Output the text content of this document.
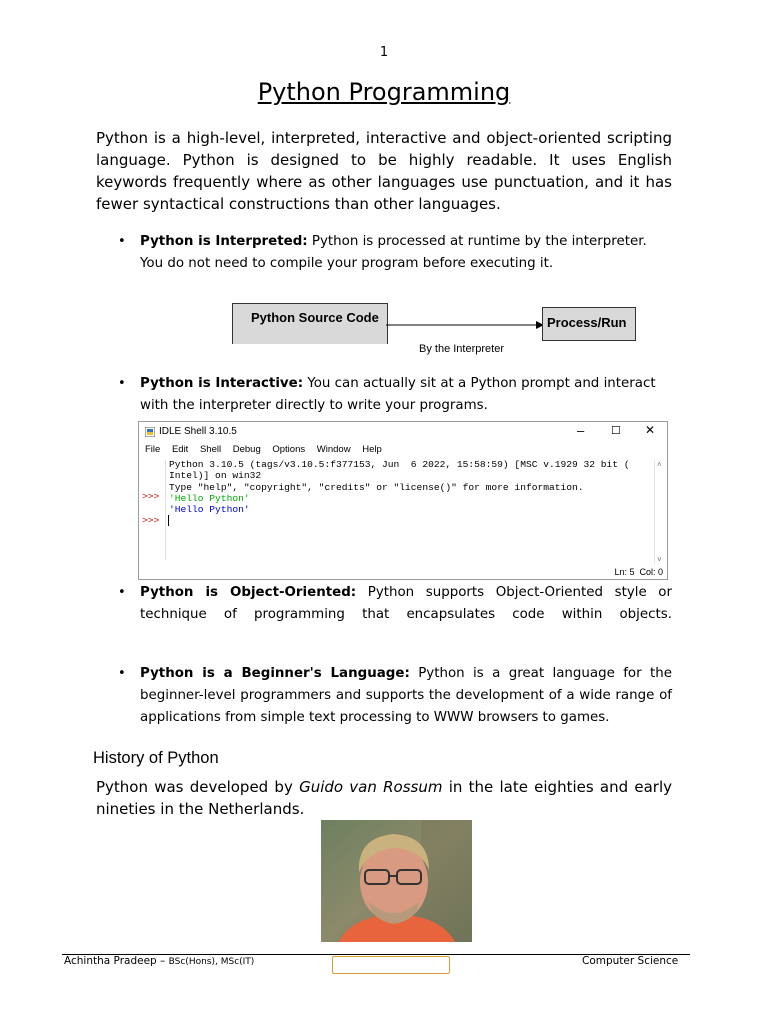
1
Python Programming

Python is a high-level, interpreted, interactive and object-oriented scripting language. Python is designed to be highly readable. It uses English keywords frequently where as other languages use punctuation, and it has fewer syntactical constructions than other languages.

• Python is Interpreted: Python is processed at runtime by the interpreter. You do not need to compile your program before executing it.
Python Source Code	Process/Run
By the Interpreter
• Python is Interactive: You can actually sit at a Python prompt and interact with the interpreter directly to write your programs.
IDLE Shell 3.10.5	– ☐ ✕
File Edit Shell Debug Options Window Help
>>>
>>>
Python 3.10.5 (tags/v3.10.5:f377153, Jun  6 2022, 15:58:59) [MSC v.1929 32 bit (
Intel)] on win32
Type "help", "copyright", "credits" or "license()" for more information.
'Hello Python'
'Hello Python'
˄
˅
Ln: 5 Col: 0
• Python is Object-Oriented: Python supports Object-Oriented style or technique of programming that encapsulates code within objects.
• Python is a Beginner's Language: Python is a great language for the beginner-level programmers and supports the development of a wide range of applications from simple text processing to WWW browsers to games.
History of Python

Python was developed by Guido van Rossum in the late eighties and early nineties in the Netherlands.

Achintha Pradeep – BSc(Hons), MSc(IT)	Computer Science
